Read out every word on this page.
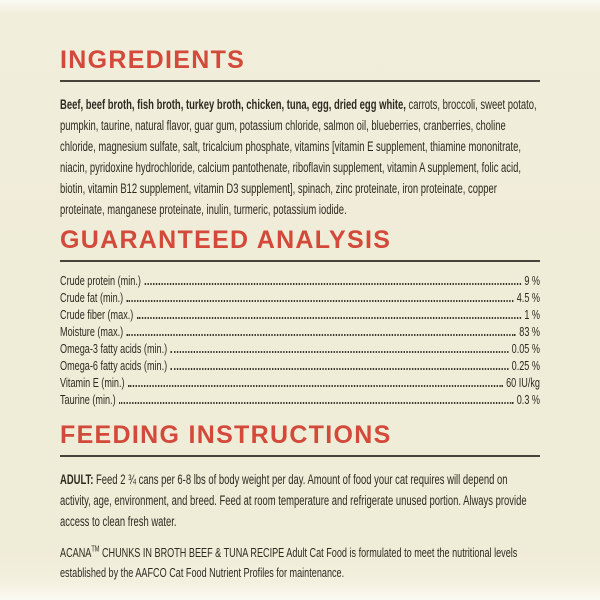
INGREDIENTS

Beef, beef broth, fish broth, turkey broth, chicken, tuna, egg, dried egg white, carrots, broccoli, sweet potato, pumpkin, taurine, natural flavor, guar gum, potassium chloride, salmon oil, blueberries, cranberries, choline chloride, magnesium sulfate, salt, tricalcium phosphate, vitamins [vitamin E supplement, thiamine mononitrate, niacin, pyridoxine hydrochloride, calcium pantothenate, riboflavin supplement, vitamin A supplement, folic acid, biotin, vitamin B12 supplement, vitamin D3 supplement], spinach, zinc proteinate, iron proteinate, copper proteinate, manganese proteinate, inulin, turmeric, potassium iodide.

GUARANTEED ANALYSIS
Crude protein (min.)	9 %
Crude fat (min.)	4.5 %
Crude fiber (max.)	1 %
Moisture (max.)	83 %
Omega-3 fatty acids (min.)	0.05 %
Omega-6 fatty acids (min.)	0.25 %
Vitamin E (min.)	60 IU/kg
Taurine (min.)	0.3 %
FEEDING INSTRUCTIONS

ADULT: Feed 2 ¾ cans per 6-8 lbs of body weight per day. Amount of food your cat requires will depend on activity, age, environment, and breed. Feed at room temperature and refrigerate unused portion. Always provide access to clean fresh water.

ACANA™ CHUNKS IN BROTH BEEF & TUNA RECIPE Adult Cat Food is formulated to meet the nutritional levels established by the AAFCO Cat Food Nutrient Profiles for maintenance.
